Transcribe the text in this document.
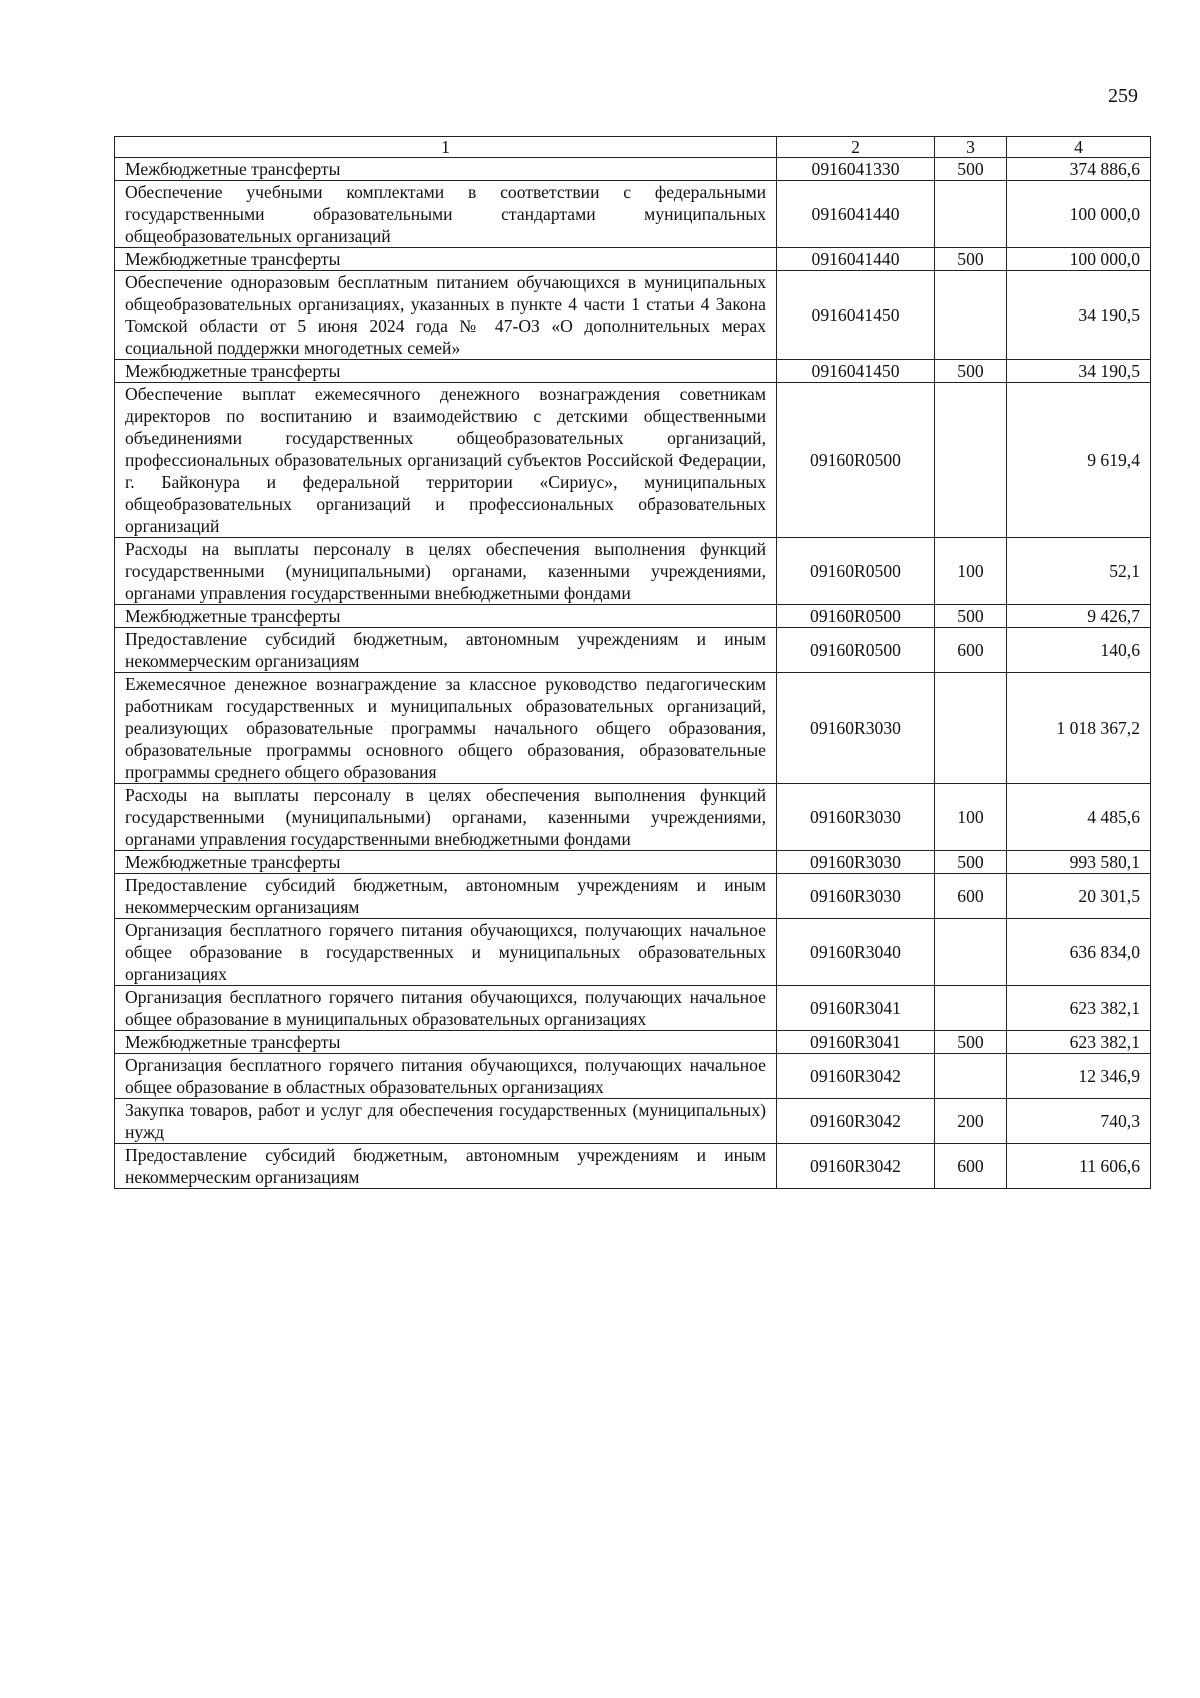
259
1	2	3	4
Межбюджетные трансферты	0916041330	500	374 886,6
Обеспечение учебными комплектами в соответствии с федеральными государственными образовательными стандартами муниципальных общеобразовательных организаций	0916041440		100 000,0
Межбюджетные трансферты	0916041440	500	100 000,0
Обеспечение одноразовым бесплатным питанием обучающихся в муниципальных общеобразовательных организациях, указанных в пункте 4 части 1 статьи 4 Закона Томской области от 5 июня 2024 года № 47-ОЗ «О дополнительных мерах социальной поддержки многодетных семей»	0916041450		34 190,5
Межбюджетные трансферты	0916041450	500	34 190,5
Обеспечение выплат ежемесячного денежного вознаграждения советникам директоров по воспитанию и взаимодействию с детскими общественными объединениями государственных общеобразовательных организаций, профессиональных образовательных организаций субъектов Российской Федерации, г. Байконура и федеральной территории «Сириус», муниципальных общеобразовательных организаций и профессиональных образовательных организаций	09160R0500		9 619,4
Расходы на выплаты персоналу в целях обеспечения выполнения функций государственными (муниципальными) органами, казенными учреждениями, органами управления государственными внебюджетными фондами	09160R0500	100	52,1
Межбюджетные трансферты	09160R0500	500	9 426,7
Предоставление субсидий бюджетным, автономным учреждениям и иным некоммерческим организациям	09160R0500	600	140,6
Ежемесячное денежное вознаграждение за классное руководство педагогическим работникам государственных и муниципальных образовательных организаций, реализующих образовательные программы начального общего образования, образовательные программы основного общего образования, образовательные программы среднего общего образования	09160R3030		1 018 367,2
Расходы на выплаты персоналу в целях обеспечения выполнения функций государственными (муниципальными) органами, казенными учреждениями, органами управления государственными внебюджетными фондами	09160R3030	100	4 485,6
Межбюджетные трансферты	09160R3030	500	993 580,1
Предоставление субсидий бюджетным, автономным учреждениям и иным некоммерческим организациям	09160R3030	600	20 301,5
Организация бесплатного горячего питания обучающихся, получающих начальное общее образование в государственных и муниципальных образовательных организациях	09160R3040		636 834,0
Организация бесплатного горячего питания обучающихся, получающих начальное общее образование в муниципальных образовательных организациях	09160R3041		623 382,1
Межбюджетные трансферты	09160R3041	500	623 382,1
Организация бесплатного горячего питания обучающихся, получающих начальное общее образование в областных образовательных организациях	09160R3042		12 346,9
Закупка товаров, работ и услуг для обеспечения государственных (муниципальных) нужд	09160R3042	200	740,3
Предоставление субсидий бюджетным, автономным учреждениям и иным некоммерческим организациям	09160R3042	600	11 606,6
